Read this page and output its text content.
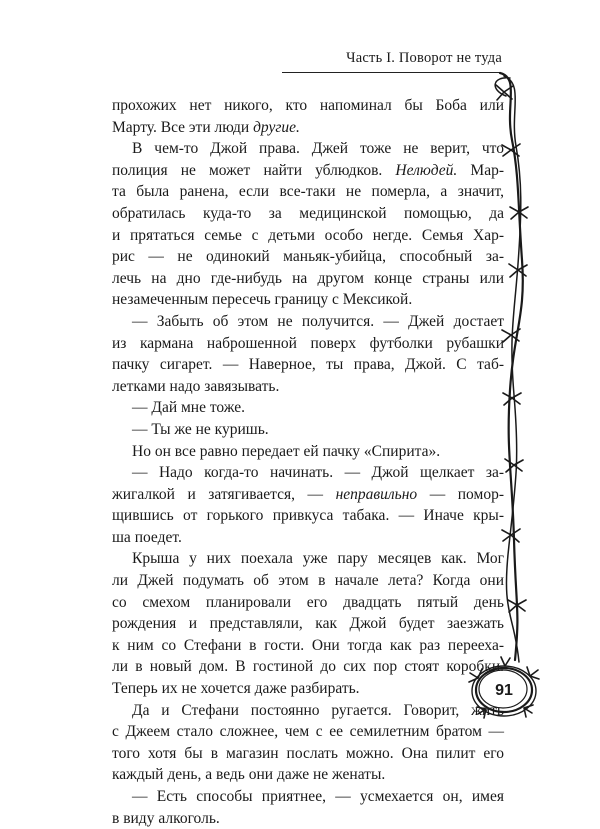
Часть I. Поворот не туда
прохожих нет никого, кто напоминал бы Боба или
Марту. Все эти люди другие.
В чем-то Джой права. Джей тоже не верит, что
полиция не может найти ублюдков. Нелюдей. Мар-
та была ранена, если все-таки не померла, а значит,
обратилась куда-то за медицинской помощью, да
и прятаться семье с детьми особо негде. Семья Хар-
рис — не одинокий маньяк-убийца, способный за-
лечь на дно где-нибудь на другом конце страны или
незамеченным пересечь границу с Мексикой.
— Забыть об этом не получится. — Джей достает
из кармана наброшенной поверх футболки рубашки
пачку сигарет. — Наверное, ты права, Джой. С таб-
летками надо завязывать.
— Дай мне тоже.
— Ты же не куришь.
Но он все равно передает ей пачку «Спирита».
— Надо когда-то начинать. — Джой щелкает за-
жигалкой и затягивается, — неправильно — помор-
щившись от горького привкуса табака. — Иначе кры-
ша поедет.
Крыша у них поехала уже пару месяцев как. Мог
ли Джей подумать об этом в начале лета? Когда они
со смехом планировали его двадцать пятый день
рождения и представляли, как Джой будет заезжать
к ним со Стефани в гости. Они тогда как раз перееха-
ли в новый дом. В гостиной до сих пор стоят коробки.
Теперь их не хочется даже разбирать.
Да и Стефани постоянно ругается. Говорит, жить
с Джеем стало сложнее, чем с ее семилетним братом —
того хотя бы в магазин послать можно. Она пилит его
каждый день, а ведь они даже не женаты.
— Есть способы приятнее, — усмехается он, имея
в виду алкоголь.
91
